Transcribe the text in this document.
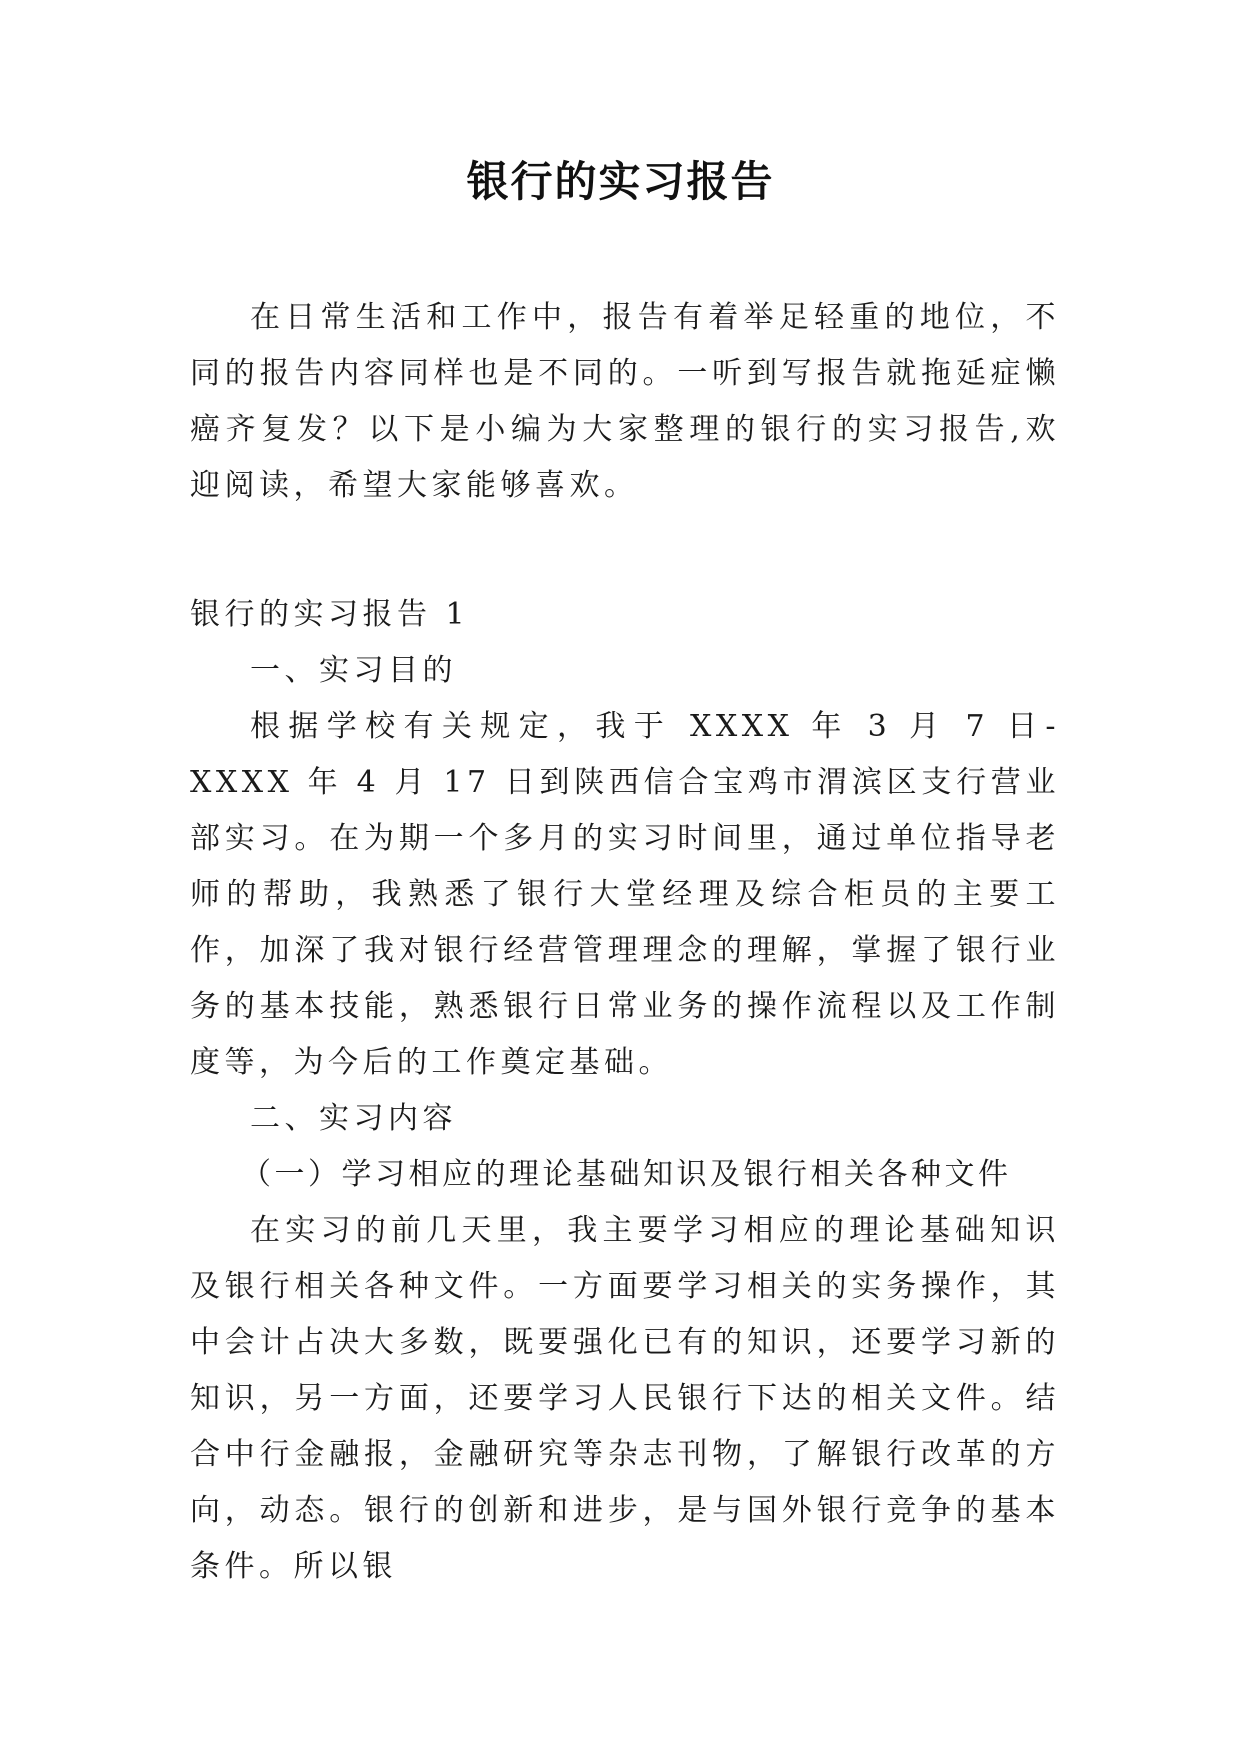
银行的实习报告

在日常生活和工作中，报告有着举足轻重的地位，不同的报告内容同样也是不同的。一听到写报告就拖延症懒癌齐复发？以下是小编为大家整理的银行的实习报告,欢迎阅读，希望大家能够喜欢。

银行的实习报告 1

一、实习目的

根据学校有关规定，我于 XXXX 年 3 月 7 日-XXXX 年 4 月 17 日到陕西信合宝鸡市渭滨区支行营业部实习。在为期一个多月的实习时间里，通过单位指导老师的帮助，我熟悉了银行大堂经理及综合柜员的主要工作，加深了我对银行经营管理理念的理解，掌握了银行业务的基本技能，熟悉银行日常业务的操作流程以及工作制度等，为今后的工作奠定基础。

二、实习内容

（一）学习相应的理论基础知识及银行相关各种文件

在实习的前几天里，我主要学习相应的理论基础知识及银行相关各种文件。一方面要学习相关的实务操作，其中会计占决大多数，既要强化已有的知识，还要学习新的知识，另一方面，还要学习人民银行下达的相关文件。结合中行金融报，金融研究等杂志刊物，了解银行改革的方向，动态。银行的创新和进步，是与国外银行竞争的基本条件。所以银
